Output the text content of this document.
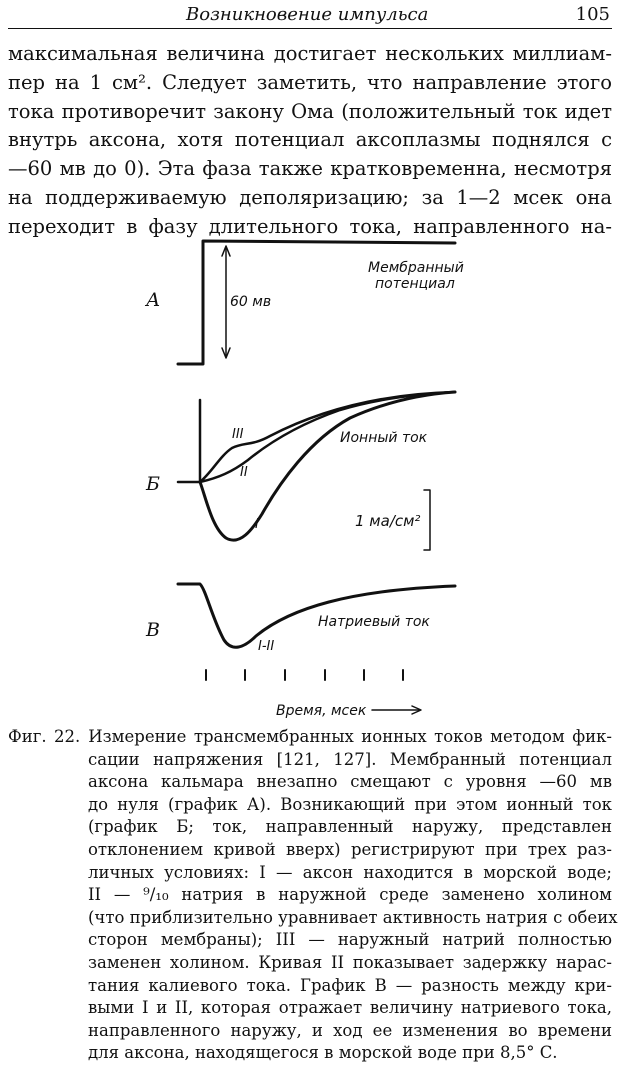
Возникновение импульса	105
максимальная величина достигает нескольких миллиам-
пер на 1 см². Следует заметить, что направление этого
тока противоречит закону Ома (положительный ток идет
внутрь аксона, хотя потенциал аксоплазмы поднялся с
—60 мв до 0). Эта фаза также кратковременна, несмотря
на поддерживаемую деполяризацию; за 1—2 мсек она
переходит в фазу длительного тока, направленного на-
А	60 мв
Мембранный
потенциал
Б
Ионный ток
1 ма/см²
I
II
III
В	Натриевый ток
I-II
Время, мсек
Фиг. 22. Измерение трансмембранных ионных токов методом фик-
сации напряжения [121, 127]. Мембранный потенциал
аксона кальмара внезапно смещают с уровня —60 мв
до нуля (график А). Возникающий при этом ионный ток
(график Б; ток, направленный наружу, представлен
отклонением кривой вверх) регистрируют при трех раз-
личных условиях: I — аксон находится в морской воде;
II — ⁹/₁₀ натрия в наружной среде заменено холином
(что приблизительно уравнивает активность натрия с обеих
сторон мембраны); III — наружный натрий полностью
заменен холином. Кривая II показывает задержку нарас-
тания калиевого тока. График В — разность между кри-
выми I и II, которая отражает величину натриевого тока,
направленного наружу, и ход ее изменения во времени
для аксона, находящегося в морской воде при 8,5° С.
